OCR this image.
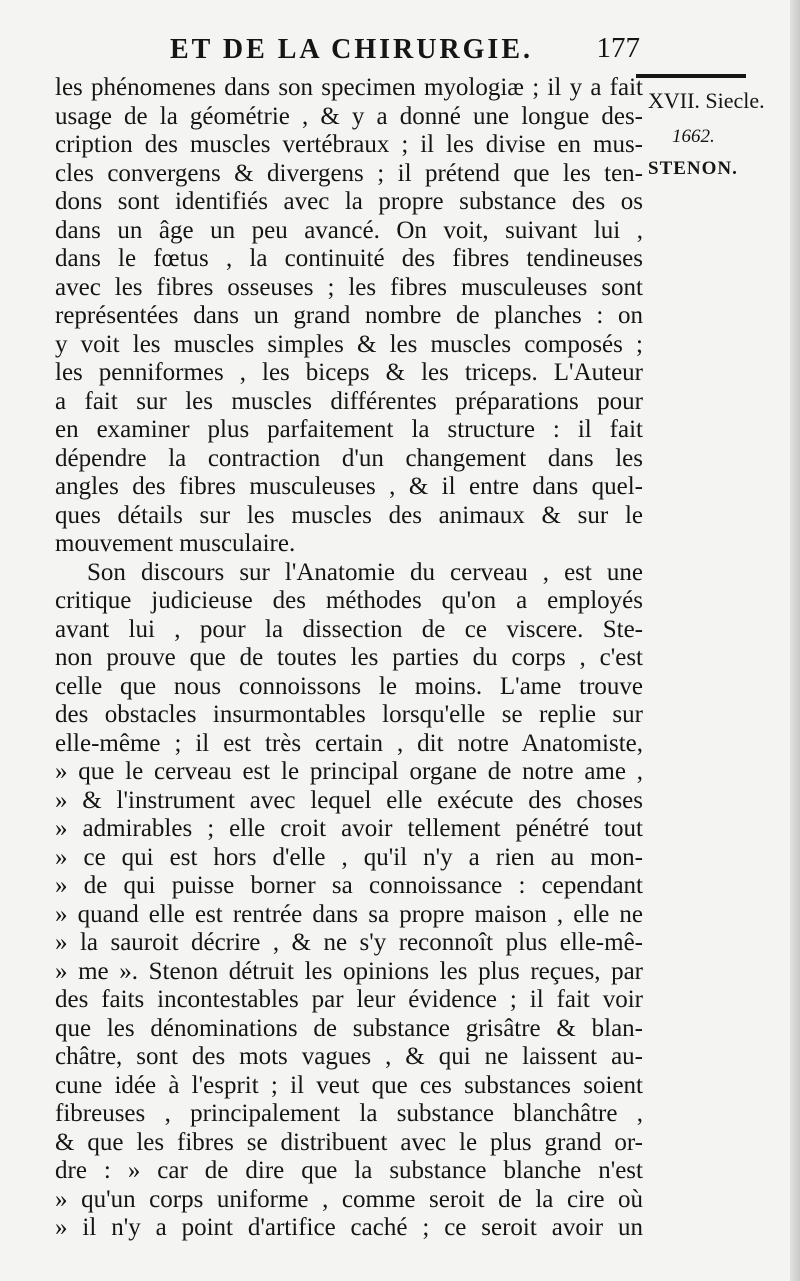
ET DE LA CHIRURGIE. 177
XVII. Siecle.
1662.
STENON.
les phénomenes dans son specimen myologiæ ; il y a fait
usage de la géométrie , & y a donné une longue des-
cription des muscles vertébraux ; il les divise en mus-
cles convergens & divergens ; il prétend que les ten-
dons sont identifiés avec la propre substance des os
dans un âge un peu avancé. On voit, suivant lui ,
dans le fœtus , la continuité des fibres tendineuses
avec les fibres osseuses ; les fibres musculeuses sont
représentées dans un grand nombre de planches : on
y voit les muscles simples & les muscles composés ;
les penniformes , les biceps & les triceps. L'Auteur
a fait sur les muscles différentes préparations pour
en examiner plus parfaitement la structure : il fait
dépendre la contraction d'un changement dans les
angles des fibres musculeuses , & il entre dans quel-
ques détails sur les muscles des animaux & sur le
mouvement musculaire.
Son discours sur l'Anatomie du cerveau , est une
critique judicieuse des méthodes qu'on a employés
avant lui , pour la dissection de ce viscere. Ste-
non prouve que de toutes les parties du corps , c'est
celle que nous connoissons le moins. L'ame trouve
des obstacles insurmontables lorsqu'elle se replie sur
elle-même ; il est très certain , dit notre Anatomiste,
» que le cerveau est le principal organe de notre ame ,
» & l'instrument avec lequel elle exécute des choses
» admirables ; elle croit avoir tellement pénétré tout
» ce qui est hors d'elle , qu'il n'y a rien au mon-
» de qui puisse borner sa connoissance : cependant
» quand elle est rentrée dans sa propre maison , elle ne
» la sauroit décrire , & ne s'y reconnoît plus elle-mê-
» me ». Stenon détruit les opinions les plus reçues, par
des faits incontestables par leur évidence ; il fait voir
que les dénominations de substance grisâtre & blan-
châtre, sont des mots vagues , & qui ne laissent au-
cune idée à l'esprit ; il veut que ces substances soient
fibreuses , principalement la substance blanchâtre ,
& que les fibres se distribuent avec le plus grand or-
dre : » car de dire que la substance blanche n'est
» qu'un corps uniforme , comme seroit de la cire où
» il n'y a point d'artifice caché ; ce seroit avoir un
